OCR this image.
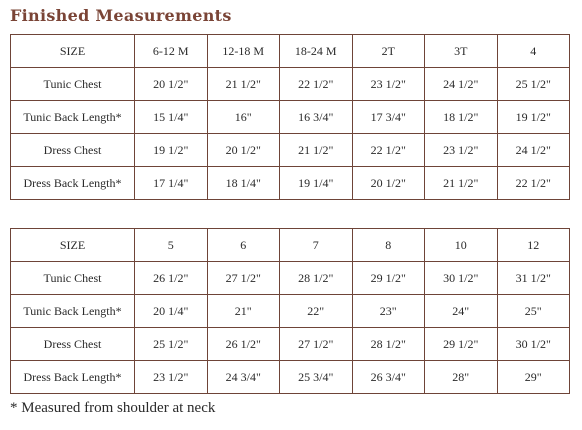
Finished Measurements
SIZE	6-12 M	12-18 M	18-24 M	2T	3T	4
Tunic Chest	20 1/2"	21 1/2"	22 1/2"	23 1/2"	24 1/2"	25 1/2"
Tunic Back Length*	15 1/4"	16"	16 3/4"	17 3/4"	18 1/2"	19 1/2"
Dress Chest	19 1/2"	20 1/2"	21 1/2"	22 1/2"	23 1/2"	24 1/2"
Dress Back Length*	17 1/4"	18 1/4"	19 1/4"	20 1/2"	21 1/2"	22 1/2"
SIZE	5	6	7	8	10	12
Tunic Chest	26 1/2"	27 1/2"	28 1/2"	29 1/2"	30 1/2"	31 1/2"
Tunic Back Length*	20 1/4"	21"	22"	23"	24"	25"
Dress Chest	25 1/2"	26 1/2"	27 1/2"	28 1/2"	29 1/2"	30 1/2"
Dress Back Length*	23 1/2"	24 3/4"	25 3/4"	26 3/4"	28"	29"
* Measured from shoulder at neck
